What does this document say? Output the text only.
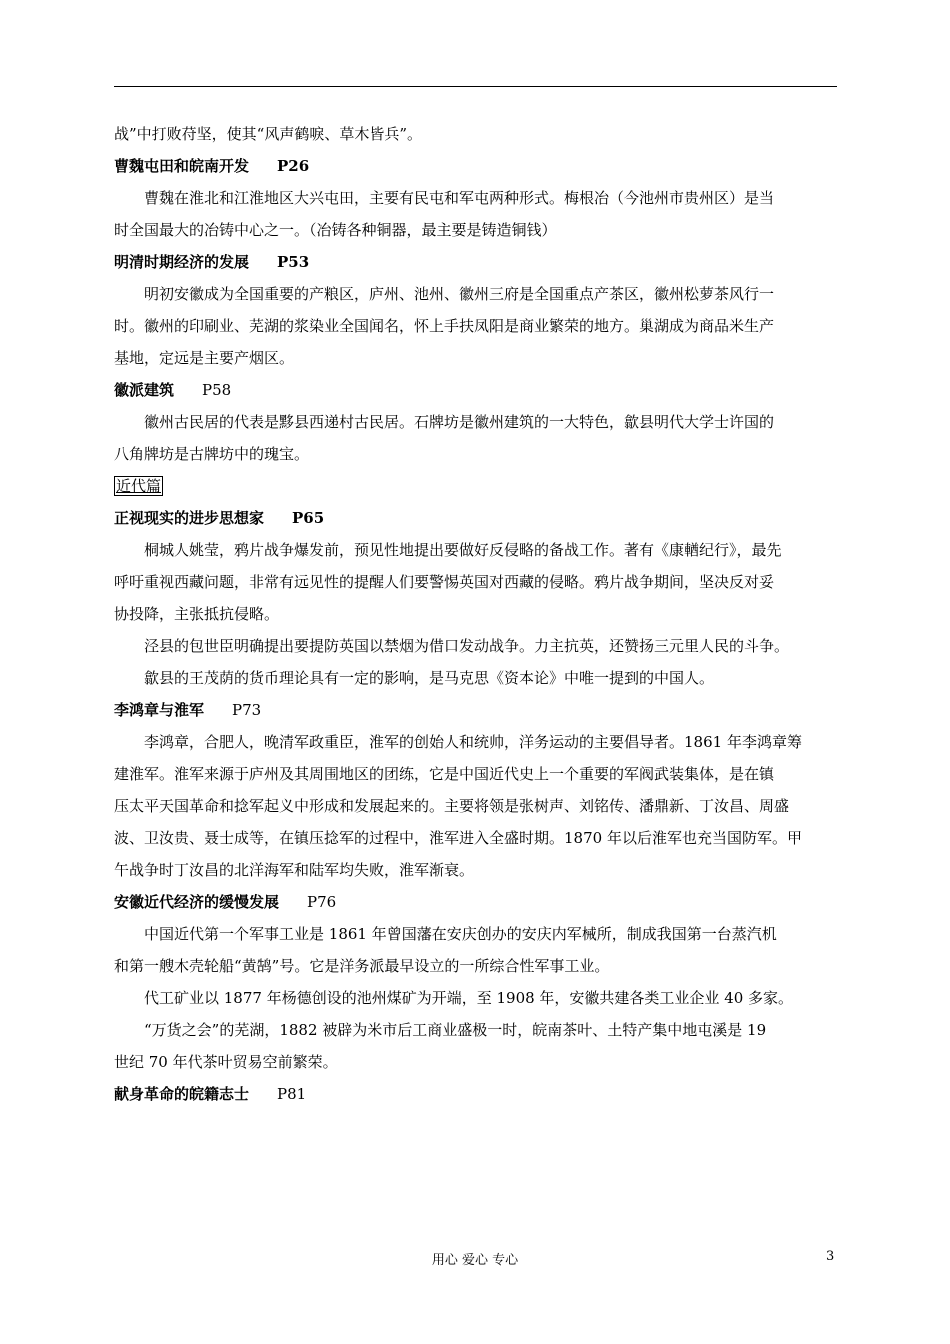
战”中打败苻坚，使其“风声鹤唳、草木皆兵”。
曹魏屯田和皖南开发 P26
曹魏在淮北和江淮地区大兴屯田，主要有民屯和军屯两种形式。梅根冶（今池州市贵州区）是当
时全国最大的冶铸中心之一。（冶铸各种铜器，最主要是铸造铜钱）
明清时期经济的发展 P53
明初安徽成为全国重要的产粮区，庐州、池州、徽州三府是全国重点产茶区，徽州松萝茶风行一
时。徽州的印刷业、芜湖的浆染业全国闻名，怀上手扶凤阳是商业繁荣的地方。巢湖成为商品米生产
基地，定远是主要产烟区。
徽派建筑 P58
徽州古民居的代表是黟县西递村古民居。石牌坊是徽州建筑的一大特色，歙县明代大学士许国的
八角牌坊是古牌坊中的瑰宝。
近代篇
正视现实的进步思想家 P65
桐城人姚莹，鸦片战争爆发前，预见性地提出要做好反侵略的备战工作。著有《康輶纪行》，最先
呼吁重视西藏问题，非常有远见性的提醒人们要警惕英国对西藏的侵略。鸦片战争期间，坚决反对妥
协投降，主张抵抗侵略。
泾县的包世臣明确提出要提防英国以禁烟为借口发动战争。力主抗英，还赞扬三元里人民的斗争。
歙县的王茂荫的货币理论具有一定的影响，是马克思《资本论》中唯一提到的中国人。
李鸿章与淮军 P73
李鸿章，合肥人，晚清军政重臣，淮军的创始人和统帅，洋务运动的主要倡导者。1861 年李鸿章筹
建淮军。淮军来源于庐州及其周围地区的团练，它是中国近代史上一个重要的军阀武装集体，是在镇
压太平天国革命和捻军起义中形成和发展起来的。主要将领是张树声、刘铭传、潘鼎新、丁汝昌、周盛
波、卫汝贵、聂士成等，在镇压捻军的过程中，淮军进入全盛时期。1870 年以后淮军也充当国防军。甲
午战争时丁汝昌的北洋海军和陆军均失败，淮军渐衰。
安徽近代经济的缓慢发展 P76
中国近代第一个军事工业是 1861 年曾国藩在安庆创办的安庆内军械所，制成我国第一台蒸汽机
和第一艘木壳轮船“黄鹄”号。它是洋务派最早设立的一所综合性军事工业。
代工矿业以 1877 年杨德创设的池州煤矿为开端，至 1908 年，安徽共建各类工业企业 40 多家。
“万货之会”的芜湖，1882 被辟为米市后工商业盛极一时，皖南茶叶、土特产集中地屯溪是 19
世纪 70 年代茶叶贸易空前繁荣。
献身革命的皖籍志士 P81
用心 爱心 专心	3
